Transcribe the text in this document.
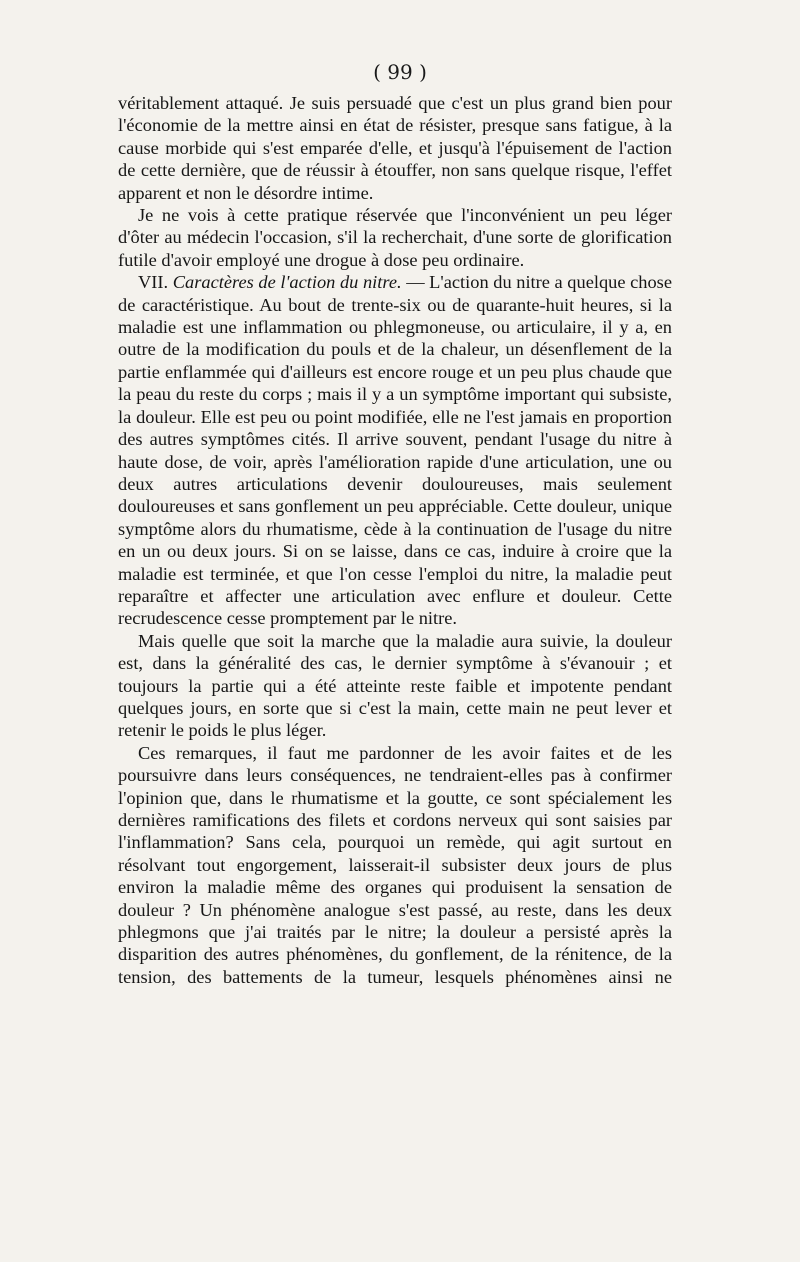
( 99 )

véritablement attaqué. Je suis persuadé que c'est un plus grand bien pour l'économie de la mettre ainsi en état de résister, presque sans fatigue, à la cause morbide qui s'est emparée d'elle, et jusqu'à l'épuisement de l'action de cette dernière, que de réussir à étouffer, non sans quelque risque, l'effet apparent et non le désordre intime.

Je ne vois à cette pratique réservée que l'inconvénient un peu léger d'ôter au médecin l'occasion, s'il la recherchait, d'une sorte de glorification futile d'avoir employé une drogue à dose peu ordinaire.

VII. Caractères de l'action du nitre. — L'action du nitre a quelque chose de caractéristique. Au bout de trente-six ou de quarante-huit heures, si la maladie est une inflammation ou phlegmoneuse, ou articulaire, il y a, en outre de la modification du pouls et de la chaleur, un désenflement de la partie enflammée qui d'ailleurs est encore rouge et un peu plus chaude que la peau du reste du corps ; mais il y a un symptôme important qui subsiste, la douleur. Elle est peu ou point modifiée, elle ne l'est jamais en proportion des autres symptômes cités. Il arrive souvent, pendant l'usage du nitre à haute dose, de voir, après l'amélioration rapide d'une articulation, une ou deux autres articulations devenir douloureuses, mais seulement douloureuses et sans gonflement un peu appréciable. Cette douleur, unique symptôme alors du rhumatisme, cède à la continuation de l'usage du nitre en un ou deux jours. Si on se laisse, dans ce cas, induire à croire que la maladie est terminée, et que l'on cesse l'emploi du nitre, la maladie peut reparaître et affecter une articulation avec enflure et douleur. Cette recrudescence cesse promptement par le nitre.

Mais quelle que soit la marche que la maladie aura suivie, la douleur est, dans la généralité des cas, le dernier symptôme à s'évanouir ; et toujours la partie qui a été atteinte reste faible et impotente pendant quelques jours, en sorte que si c'est la main, cette main ne peut lever et retenir le poids le plus léger.

Ces remarques, il faut me pardonner de les avoir faites et de les poursuivre dans leurs conséquences, ne tendraient-elles pas à confirmer l'opinion que, dans le rhumatisme et la goutte, ce sont spécialement les dernières ramifications des filets et cordons nerveux qui sont saisies par l'inflammation? Sans cela, pourquoi un remède, qui agit surtout en résolvant tout engorgement, laisserait-il subsister deux jours de plus environ la maladie même des organes qui produisent la sensation de douleur ? Un phénomène analogue s'est passé, au reste, dans les deux phlegmons que j'ai traités par le nitre; la douleur a persisté après la disparition des autres phénomènes, du gonflement, de la rénitence, de la tension, des battements de la tumeur, lesquels phénomènes ainsi ne
